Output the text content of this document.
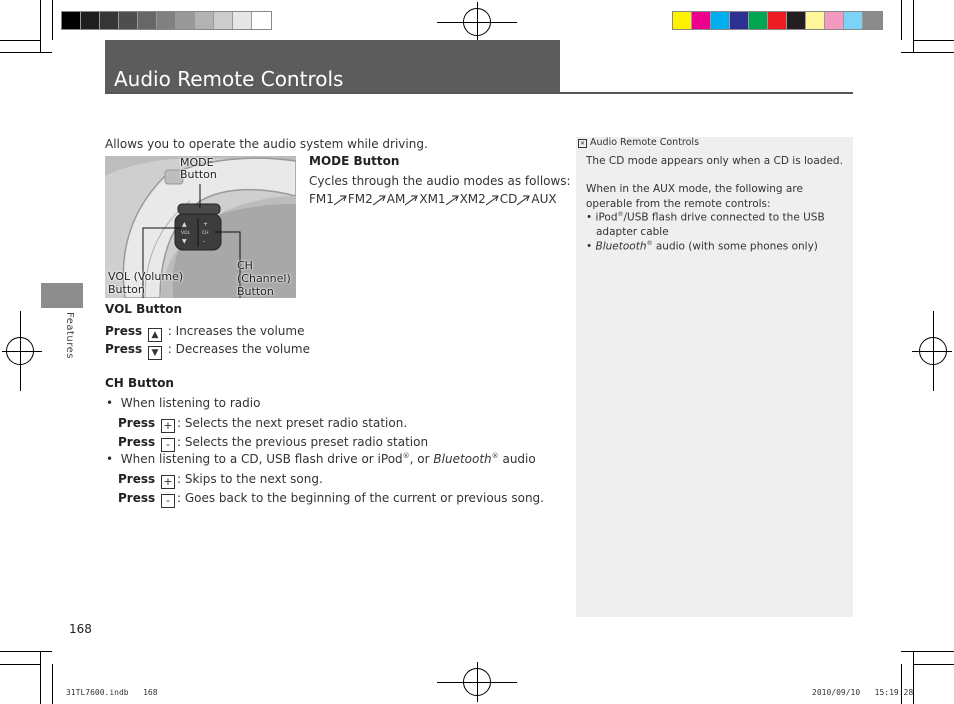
Audio Remote Controls
Features
Allows you to operate the audio system while driving.
▲
VOL
▼
+
CH
-
MODE
Button
VOL (Volume)
Button
CH
(Channel)
Button
MODE Button
Cycles through the audio modes as follows:
FM1 FM2 AM XM1 XM2 CD AUX
VOL Button
Press ▲ : Increases the volume
Press ▼ : Decreases the volume
CH Button
•  When listening to radio
Press + : Selects the next preset radio station.
Press - : Selects the previous preset radio station
•  When listening to a CD, USB flash drive or iPod®, or Bluetooth® audio
Press + : Skips to the next song.
Press - : Goes back to the beginning of the current or previous song.
✕ Audio Remote Controls
The CD mode appears only when a CD is loaded.
When in the AUX mode, the following are
operable from the remote controls:
• iPod®/USB flash drive connected to the USB
adapter cable
• Bluetooth® audio (with some phones only)
168
31TL7600.indb 168	2010/09/10 15:19:28
